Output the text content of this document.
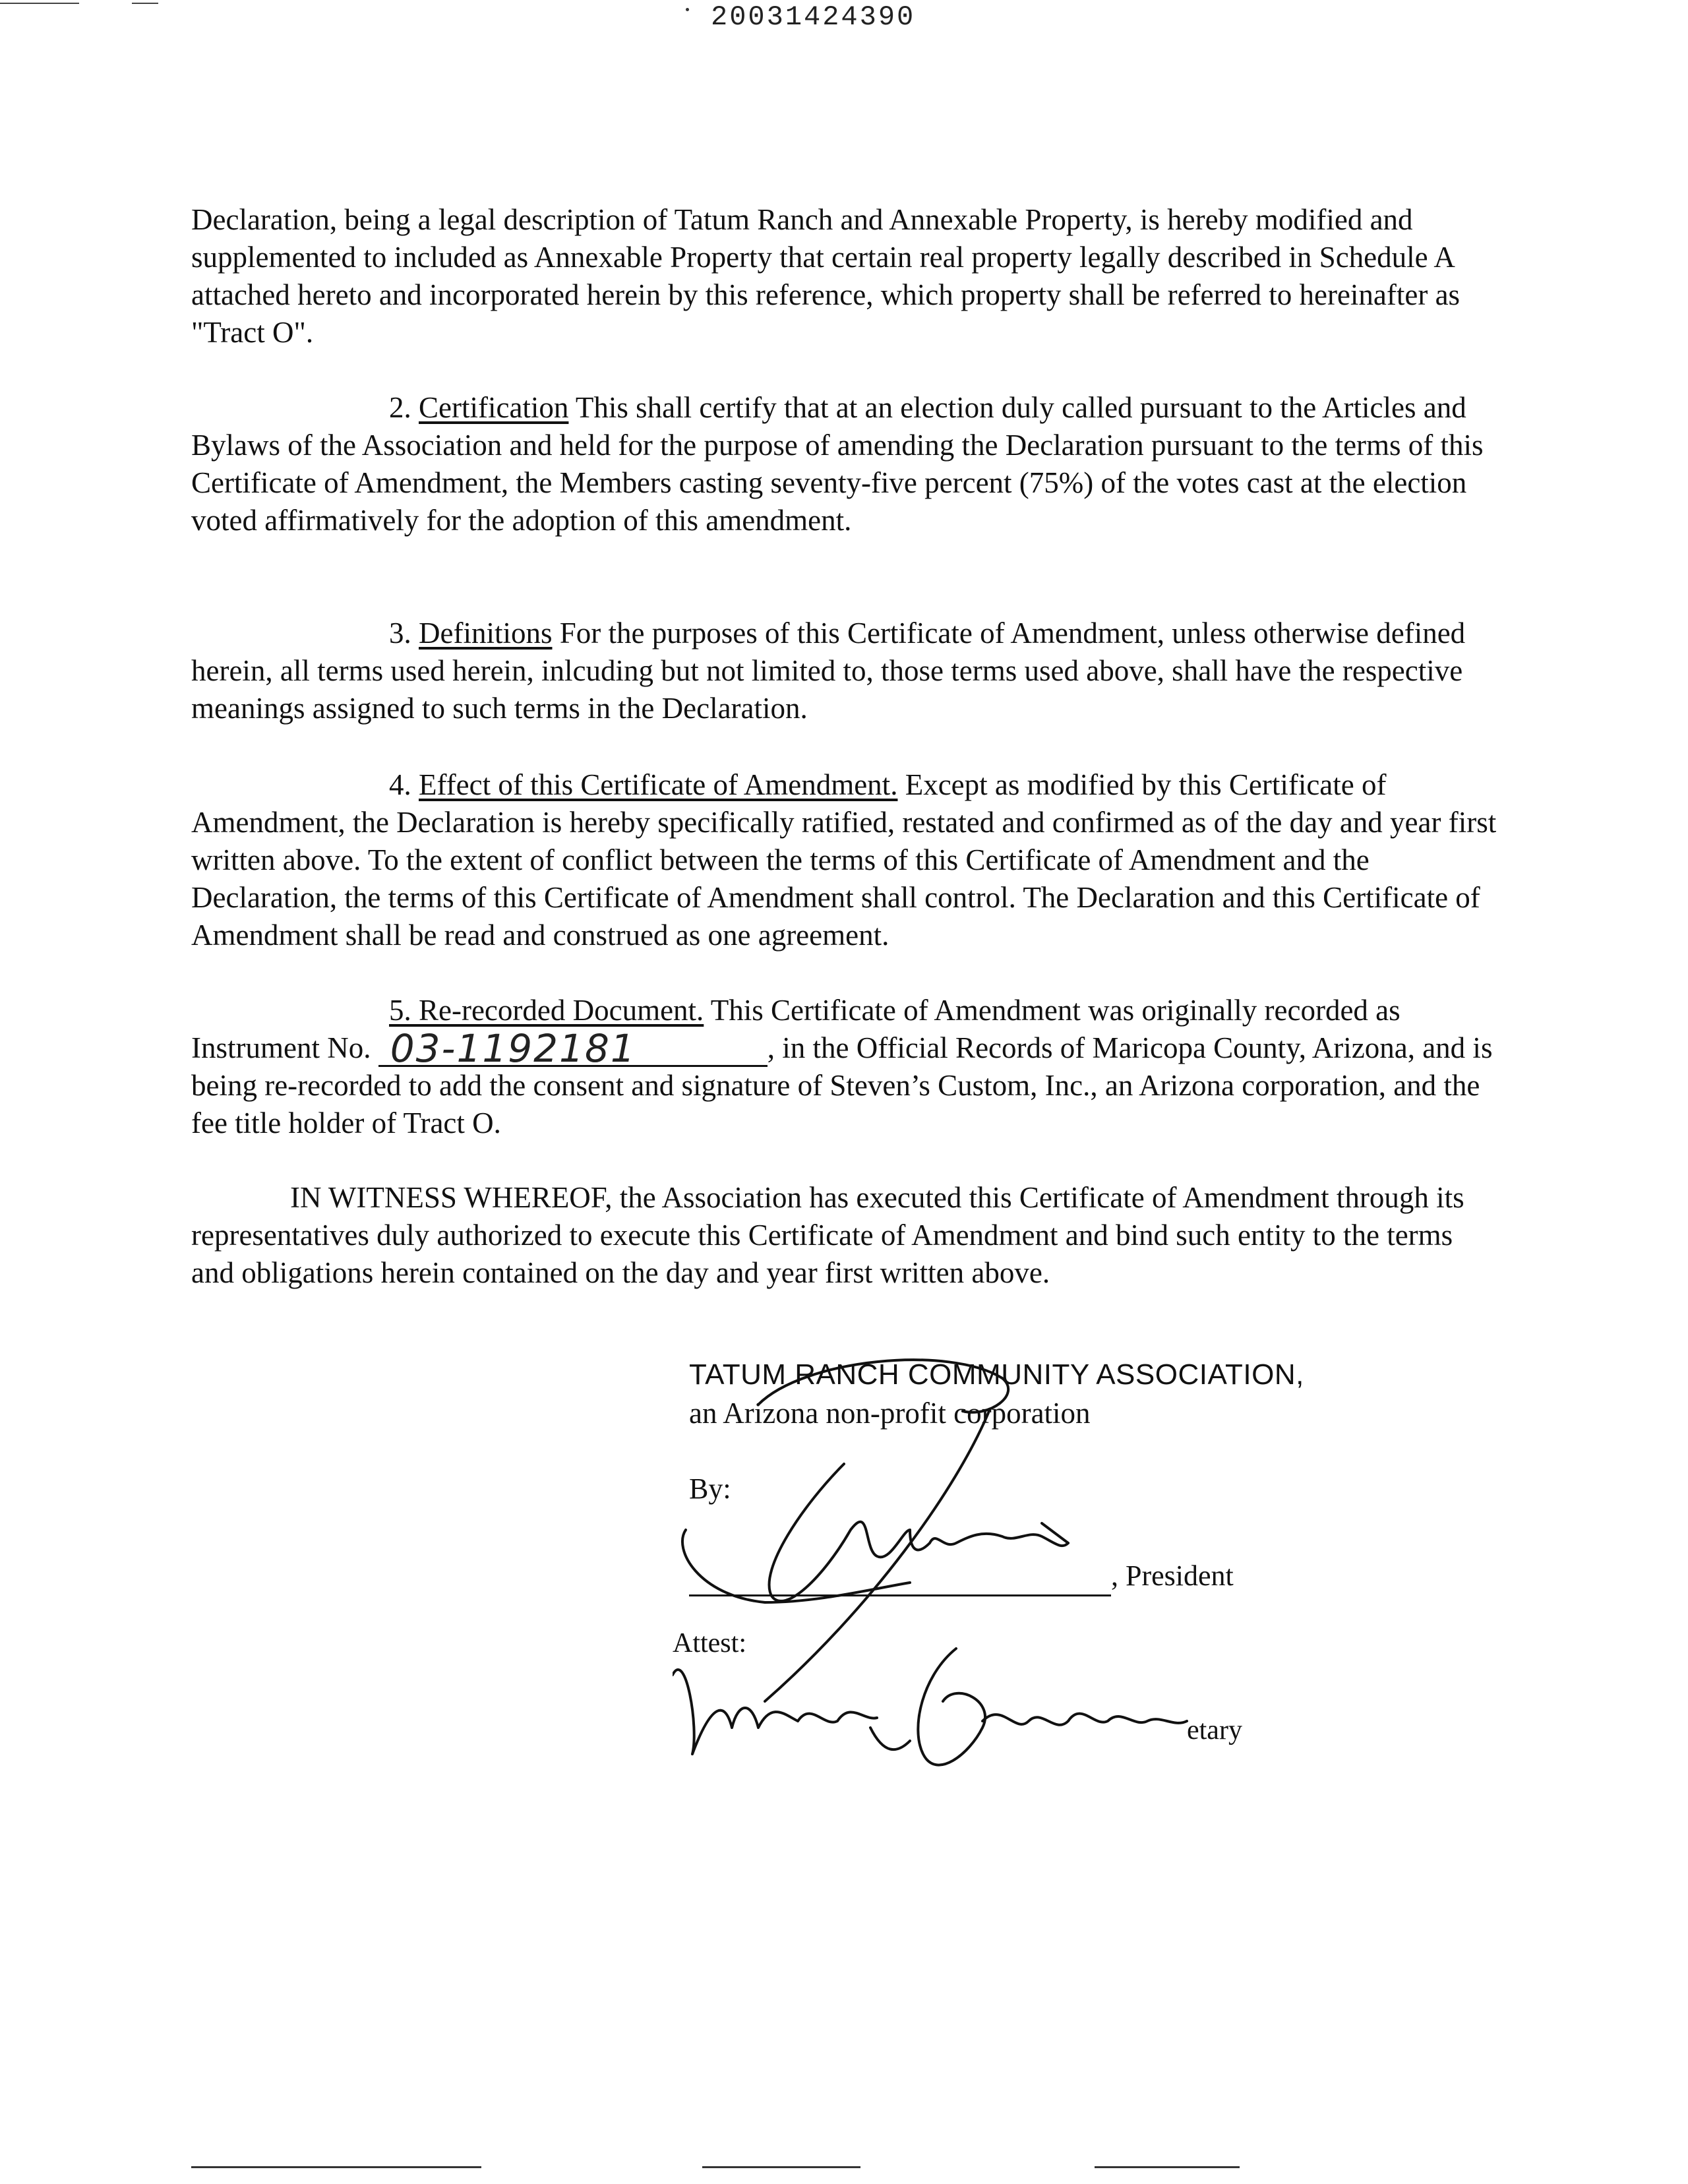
20031424390

Declaration, being a legal description of Tatum Ranch and Annexable Property, is hereby modified and supplemented to included as Annexable Property that certain real property legally described in Schedule A attached hereto and incorporated herein by this reference, which property shall be referred to hereinafter as "Tract O".

2. Certification This shall certify that at an election duly called pursuant to the Articles and Bylaws of the Association and held for the purpose of amending the Declaration pursuant to the terms of this Certificate of Amendment, the Members casting seventy-five percent (75%) of the votes cast at the election voted affirmatively for the adoption of this amendment.

3. Definitions For the purposes of this Certificate of Amendment, unless otherwise defined herein, all terms used herein, inlcuding but not limited to, those terms used above, shall have the respective meanings assigned to such terms in the Declaration.

4. Effect of this Certificate of Amendment. Except as modified by this Certificate of Amendment, the Declaration is hereby specifically ratified, restated and confirmed as of the day and year first written above. To the extent of conflict between the terms of this Certificate of Amendment and the Declaration, the terms of this Certificate of Amendment shall control. The Declaration and this Certificate of Amendment shall be read and construed as one agreement.

5. Re-recorded Document. This Certificate of Amendment was originally recorded as Instrument No. 03-1192181	, in the Official Records of Maricopa County, Arizona, and is being re-recorded to add the consent and signature of Steven’s Custom, Inc., an Arizona corporation, and the fee title holder of Tract O.

IN WITNESS WHEREOF, the Association has executed this Certificate of Amendment through its representatives duly authorized to execute this Certificate of Amendment and bind such entity to the terms and obligations herein contained on the day and year first written above.

TATUM RANCH COMMUNITY ASSOCIATION,
an Arizona non-profit corporation
By:
, President
Attest:
etary
